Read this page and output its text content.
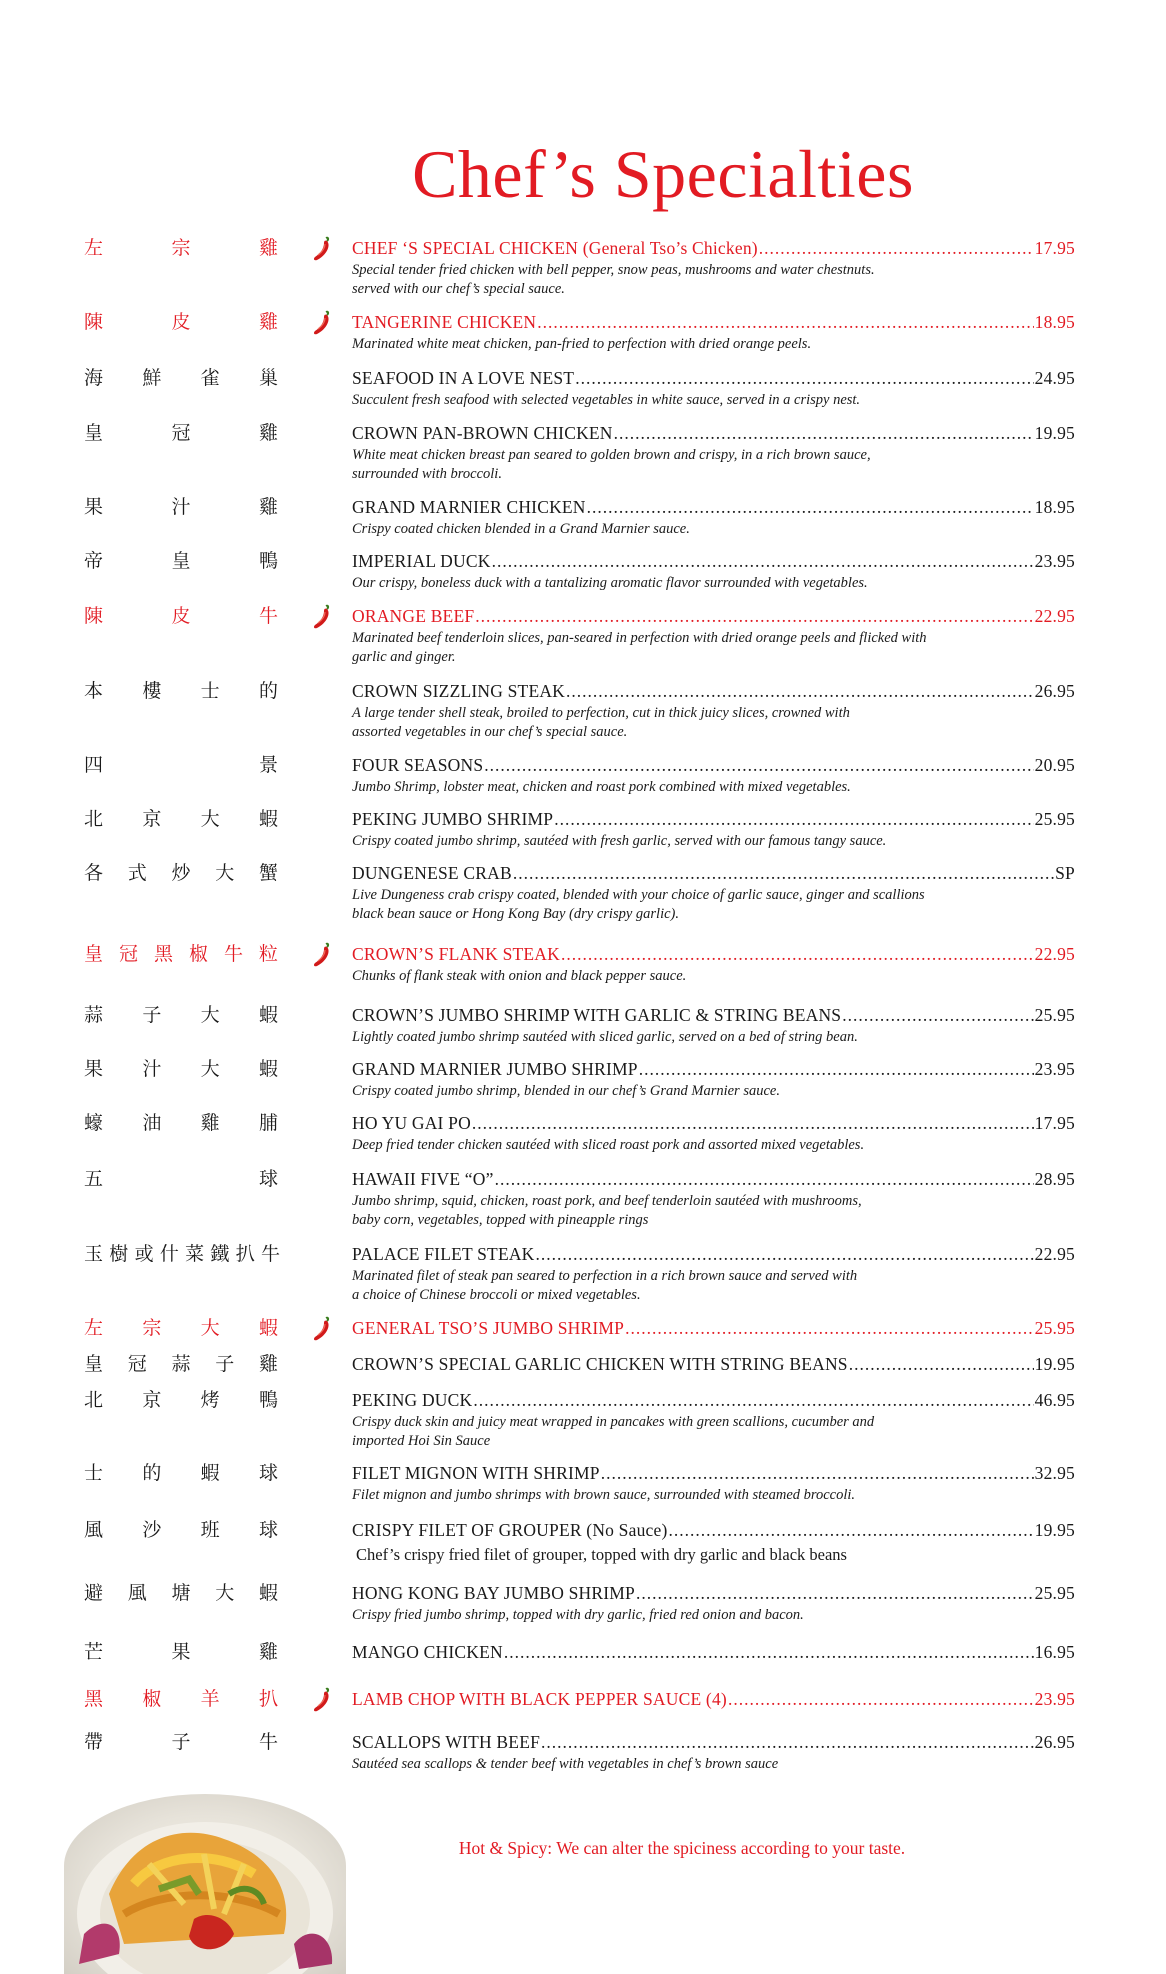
Chef’s Specialties
左	宗	雞	CHEF ‘S SPECIAL CHICKEN (General Tso’s Chicken) .....	17.95
Special tender fried chicken with bell pepper, snow peas, mushrooms and water chestnuts.
served with our chef’s special sauce.
陳	皮	雞	TANGERINE CHICKEN .....	18.95
Marinated white meat chicken, pan-fried to perfection with dried orange peels.
海 鮮 雀 巢	SEAFOOD IN A LOVE NEST .....	24.95
Succulent fresh seafood with selected vegetables in white sauce, served in a crispy nest.
皇	冠	雞	CROWN PAN-BROWN CHICKEN .....	19.95
White meat chicken breast pan seared to golden brown and crispy, in a rich brown sauce,
surrounded with broccoli.
果	汁	雞	GRAND MARNIER CHICKEN .....	18.95
Crispy coated chicken blended in a Grand Marnier sauce.
帝	皇	鴨	IMPERIAL DUCK .....	23.95
Our crispy, boneless duck with a tantalizing aromatic flavor surrounded with vegetables.
陳	皮	牛	ORANGE BEEF .....	22.95
Marinated beef tenderloin slices, pan-seared in perfection with dried orange peels and flicked with
garlic and ginger.
本 樓 士 的	CROWN SIZZLING STEAK .....	26.95
A large tender shell steak, broiled to perfection, cut in thick juicy slices, crowned with
assorted vegetables in our chef’s special sauce.
四	景	FOUR SEASONS .....	20.95
Jumbo Shrimp, lobster meat, chicken and roast pork combined with mixed vegetables.
北 京 大 蝦	PEKING JUMBO SHRIMP .....	25.95
Crispy coated jumbo shrimp, sautéed with fresh garlic, served with our famous tangy sauce.
各 式 炒 大 蟹	DUNGENESE CRAB .....	SP
Live Dungeness crab crispy coated, blended with your choice of garlic sauce, ginger and scallions
black bean sauce or Hong Kong Bay (dry crispy garlic).
皇 冠 黑 椒 牛 粒	CROWN’S FLANK STEAK .....	22.95
Chunks of flank steak with onion and black pepper sauce.
蒜 子 大 蝦	CROWN’S JUMBO SHRIMP WITH GARLIC & STRING BEANS .....	25.95
Lightly coated jumbo shrimp sautéed with sliced garlic, served on a bed of string bean.
果 汁 大 蝦	GRAND MARNIER JUMBO SHRIMP .....	23.95
Crispy coated jumbo shrimp, blended in our chef’s Grand Marnier sauce.
蠔 油 雞 脯	HO YU GAI PO .....	17.95
Deep fried tender chicken sautéed with sliced roast pork and assorted mixed vegetables.
五	球	HAWAII FIVE “O” .....	28.95
Jumbo shrimp, squid, chicken, roast pork, and beef tenderloin sautéed with mushrooms,
baby corn, vegetables, topped with pineapple rings
玉 樹 或 什 菜 鐵 扒 牛	PALACE FILET STEAK .....	22.95
Marinated filet of steak pan seared to perfection in a rich brown sauce and served with
a choice of Chinese broccoli or mixed vegetables.
左 宗 大 蝦	GENERAL TSO’S JUMBO SHRIMP .....	25.95
皇 冠 蒜 子 雞	CROWN’S SPECIAL GARLIC CHICKEN WITH STRING BEANS .....	19.95
北 京 烤 鴨	PEKING DUCK .....	46.95
Crispy duck skin and juicy meat wrapped in pancakes with green scallions, cucumber and
imported Hoi Sin Sauce
士 的 蝦 球	FILET MIGNON WITH SHRIMP .....	32.95
Filet mignon and jumbo shrimps with brown sauce, surrounded with steamed broccoli.
風 沙 班 球	CRISPY FILET OF GROUPER (No Sauce) .....	19.95
Chef’s crispy fried filet of grouper, topped with dry garlic and black beans
避 風 塘 大 蝦	HONG KONG BAY JUMBO SHRIMP .....	25.95
Crispy fried jumbo shrimp, topped with dry garlic, fried red onion and bacon.
芒	果	雞	MANGO CHICKEN .....	16.95
黑 椒 羊 扒	LAMB CHOP WITH BLACK PEPPER SAUCE (4) .....	23.95
帶	子	牛	SCALLOPS WITH BEEF .....	26.95
Sautéed sea scallops & tender beef with vegetables in chef’s brown sauce
Hot & Spicy: We can alter the spiciness according to your taste.
